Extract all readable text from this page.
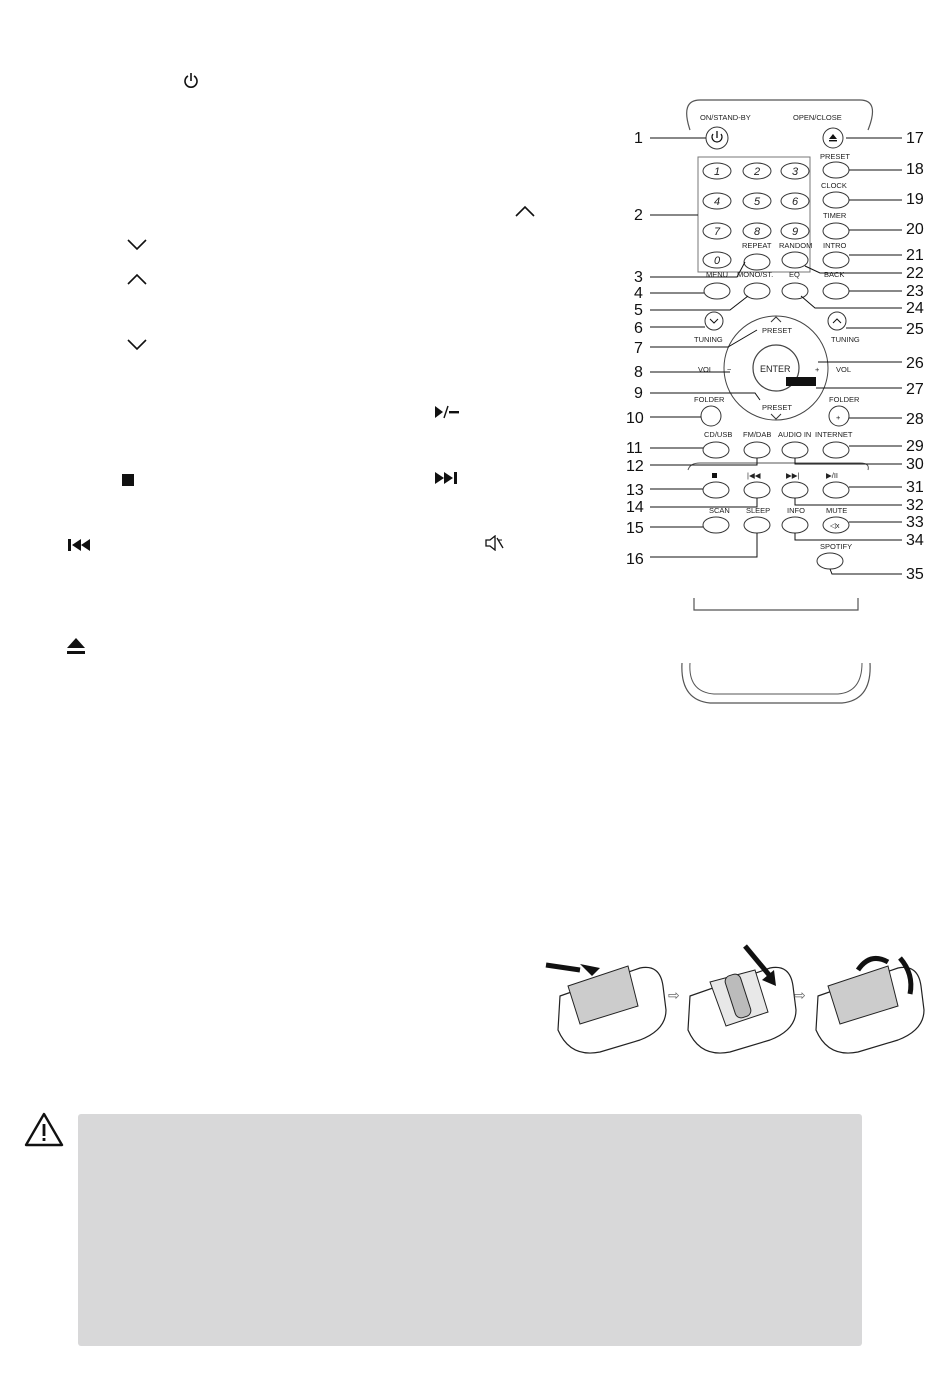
ON/STAND-BY	OPEN/CLOSE
1	2	3
4	5	6
7	8	9
0
PRESET
CLOCK
TIMER
INTRO
REPEAT RANDOM
MENU MONO/ST. EQ	BACK
TUNING	TUNING
ENTER
PRESET
PRESET
VOL	VOL
−	+
FOLDER	FOLDER
+
CD/USB FM/DAB AUDIO IN INTERNET
|◀◀	▶▶|	▶/II
SCAN SLEEP INFO	MUTE
◁x
SPOTIFY
1
2
3
4
5
6
7
8
9
10
11
12
13
14
15
16
17
18
19
20
21
22
23
24
25
26
27
28
29
30
31
32
33
34
35
⇨	⇨
